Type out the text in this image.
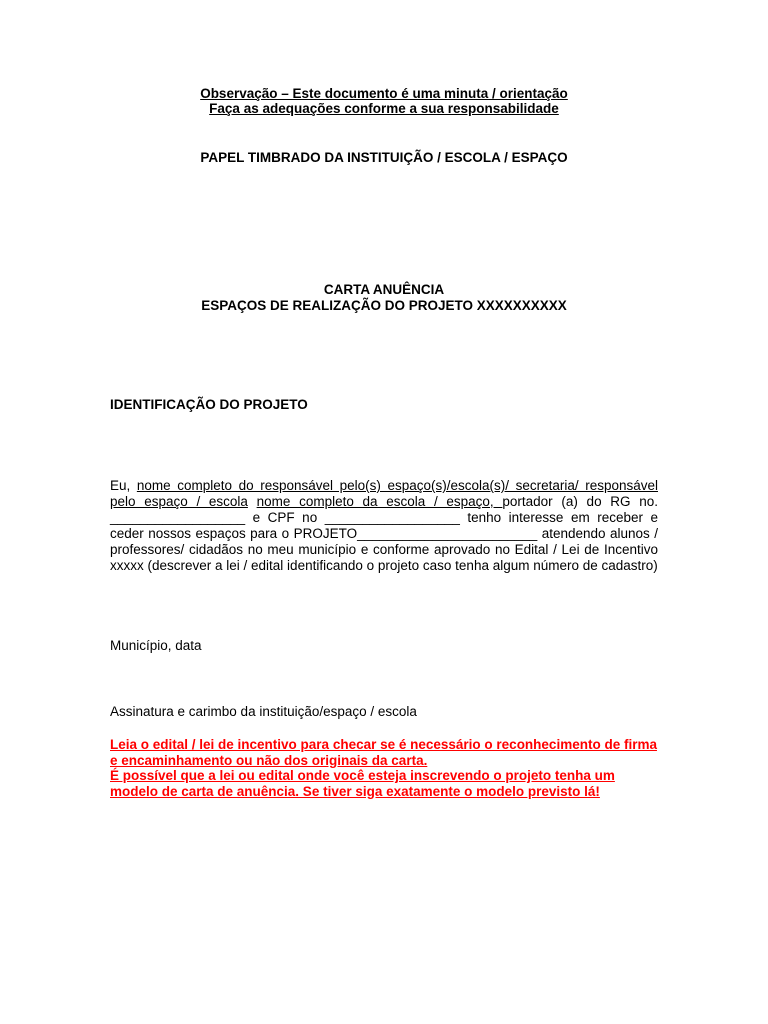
Observação – Este documento é uma minuta / orientação
Faça as adequações conforme a sua responsabilidade
PAPEL TIMBRADO DA INSTITUIÇÃO / ESCOLA / ESPAÇO
CARTA ANUÊNCIA
ESPAÇOS DE REALIZAÇÃO DO PROJETO XXXXXXXXXX
IDENTIFICAÇÃO DO PROJETO
Eu, nome completo do responsável pelo(s) espaço(s)/escola(s)/ secretaria/ responsável pelo espaço / escola nome completo da escola / espaço, portador (a) do RG no. __________________ e CPF no __________________ tenho interesse em receber e ceder nossos espaços para o PROJETO________________________ atendendo alunos / professores/ cidadãos no meu município e conforme aprovado no Edital / Lei de Incentivo xxxxx (descrever a lei / edital identificando o projeto caso tenha algum número de cadastro)
Município, data
Assinatura e carimbo da instituição/espaço / escola
Leia o edital / lei de incentivo para checar se é necessário o reconhecimento de firma e encaminhamento ou não dos originais da carta.
É possível que a lei ou edital onde você esteja inscrevendo o projeto tenha um modelo de carta de anuência. Se tiver siga exatamente o modelo previsto lá!
